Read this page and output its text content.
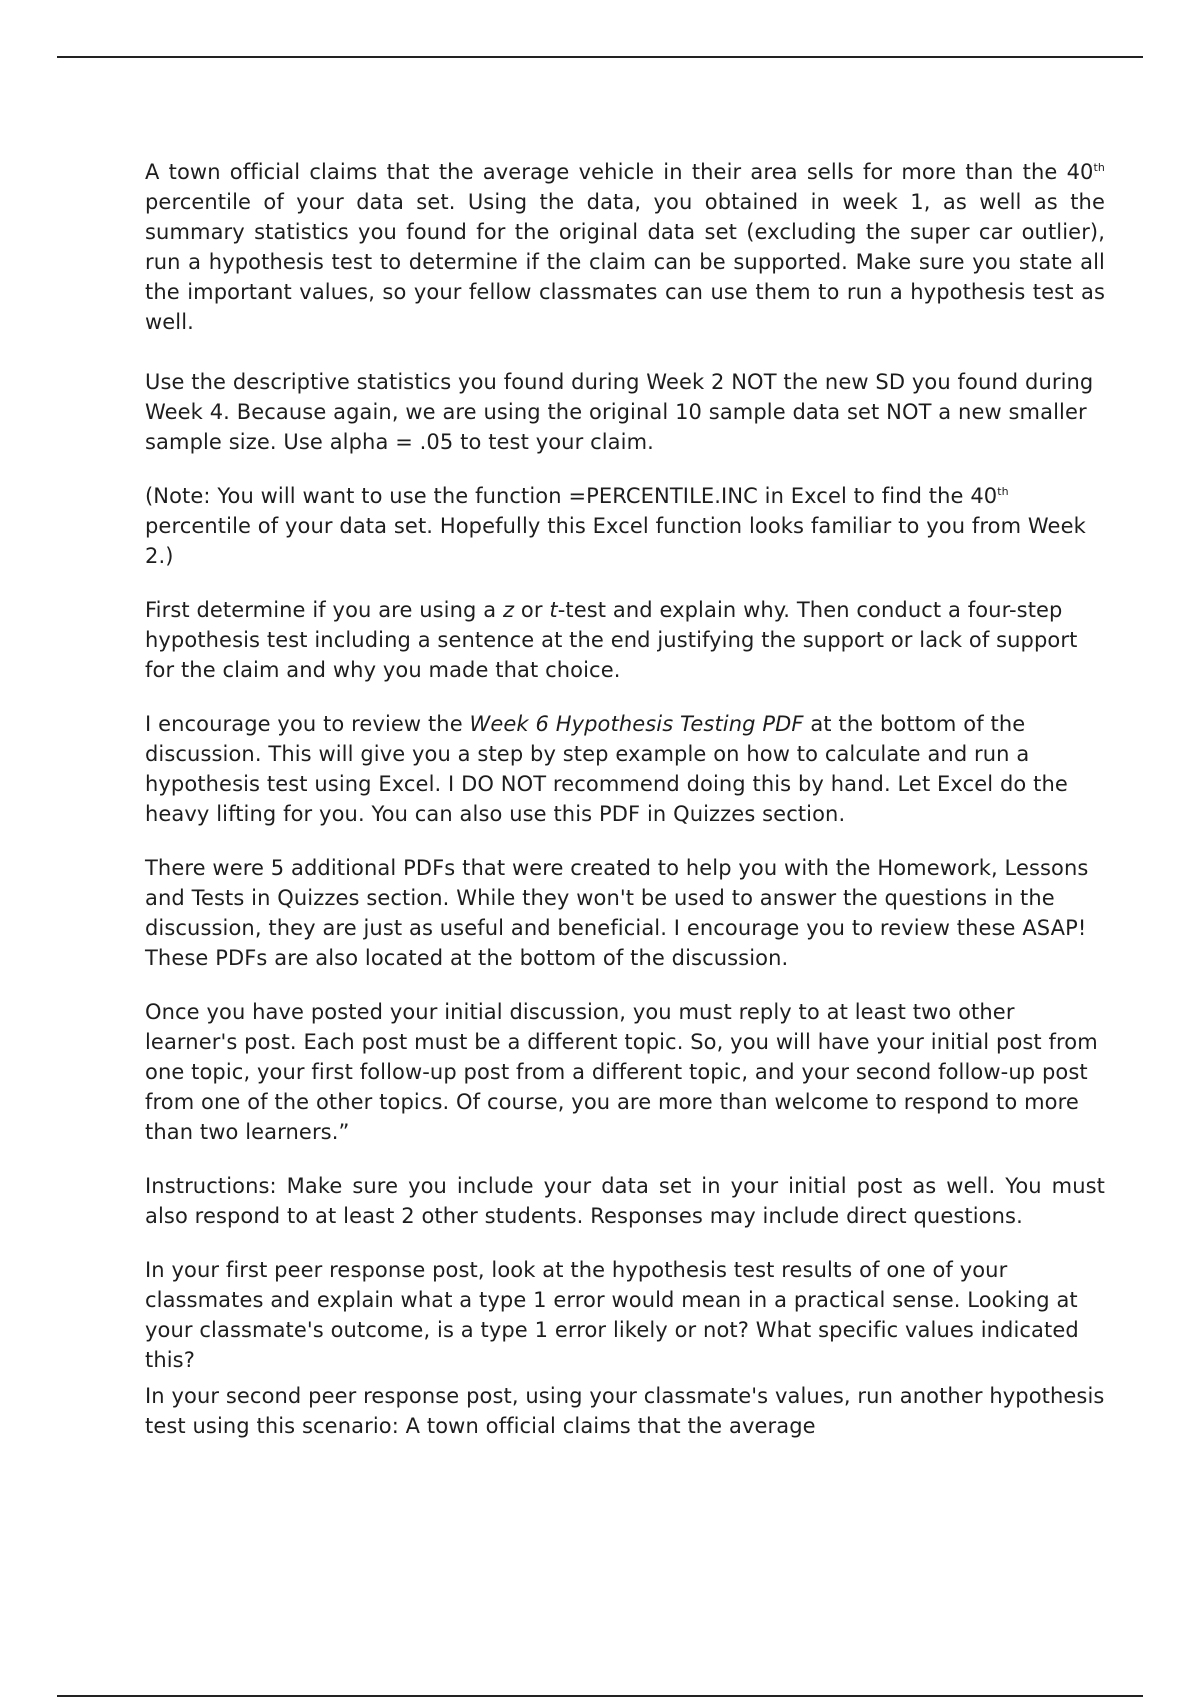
A town official claims that the average vehicle in their area sells for more than the 40th percentile of your data set. Using the data, you obtained in week 1, as well as the summary statistics you found for the original data set (excluding the super car outlier), run a hypothesis test to determine if the claim can be supported. Make sure you state all the important values, so your fellow classmates can use them to run a hypothesis test as well.

Use the descriptive statistics you found during Week 2 NOT the new SD you found during Week 4. Because again, we are using the original 10 sample data set NOT a new smaller sample size. Use alpha = .05 to test your claim.

(Note: You will want to use the function =PERCENTILE.INC in Excel to find the 40th percentile of your data set. Hopefully this Excel function looks familiar to you from Week 2.)

First determine if you are using a z or t-test and explain why. Then conduct a four-step hypothesis test including a sentence at the end justifying the support or lack of support for the claim and why you made that choice.

I encourage you to review the Week 6 Hypothesis Testing PDF at the bottom of the discussion. This will give you a step by step example on how to calculate and run a hypothesis test using Excel. I DO NOT recommend doing this by hand. Let Excel do the heavy lifting for you. You can also use this PDF in Quizzes section.

There were 5 additional PDFs that were created to help you with the Homework, Lessons and Tests in Quizzes section. While they won't be used to answer the questions in the discussion, they are just as useful and beneficial. I encourage you to review these ASAP! These PDFs are also located at the bottom of the discussion.

Once you have posted your initial discussion, you must reply to at least two other learner's post. Each post must be a different topic. So, you will have your initial post from one topic, your first follow-up post from a different topic, and your second follow-up post from one of the other topics. Of course, you are more than welcome to respond to more than two learners.”

Instructions: Make sure you include your data set in your initial post as well. You must also respond to at least 2 other students. Responses may include direct questions.

In your first peer response post, look at the hypothesis test results of one of your classmates and explain what a type 1 error would mean in a practical sense. Looking at your classmate's outcome, is a type 1 error likely or not? What specific values indicated this?

In your second peer response post, using your classmate's values, run another hypothesis test using this scenario: A town official claims that the average
